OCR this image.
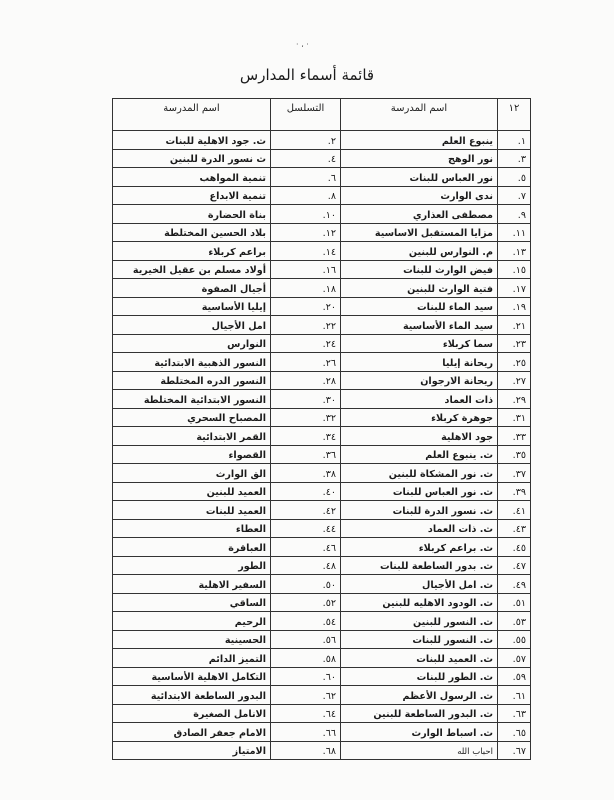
· ، ·
قائمة أسماء المدارس
١٢	اسم المدرسة	التسلسل	اسم المدرسة
١.	ينبوع العلم	٢.	ث. جود الاهلية للبنات
٣.	نور الوهج	٤.	ث نسور الدرة للبنين
٥.	نور العباس للبنات	٦.	تنمية المواهب
٧.	ندى الوارث	٨.	تنمية الابداع
٩.	مصطفى العذاري	١٠.	بناة الحضارة
١١.	مزايا المستقبل الاساسية	١٢.	بلاد الحسين المختلطة
١٣.	م. النوارس للبنين	١٤.	براعم كربلاء
١٥.	فيض الوارث للبنات	١٦.	أولاد مسلم بن عقيل الخيرية
١٧.	فتية الوارث للبنين	١٨.	أجيال الصفوة
١٩.	سيد الماء للبنات	٢٠.	إيليا الأساسية
٢١.	سيد الماء الأساسية	٢٢.	امل الأجيال
٢٣.	سما كربلاء	٢٤.	النوارس
٢٥.	ريحانة إيليا	٢٦.	النسور الذهبية الابتدائية
٢٧.	ريحانة الارجوان	٢٨.	النسور الدره المختلطة
٢٩.	ذات العماد	٣٠.	النسور الابتدائية المختلطة
٣١.	جوهرة كربلاء	٣٢.	المصباح السحري
٣٣.	جود الاهلية	٣٤.	القمر الابتدائية
٣٥.	ث. ينبوع العلم	٣٦.	القصواء
٣٧.	ث. نور المشكاة للبنين	٣٨.	الق الوارث
٣٩.	ث. نور العباس للبنات	٤٠.	العميد للبنين
٤١.	ث. نسور الدرة للبنات	٤٢.	العميد للبنات
٤٣.	ث. ذات العماد	٤٤.	العطاء
٤٥.	ث. براعم كربلاء	٤٦.	العباقرة
٤٧.	ث. بدور الساطعة للبنات	٤٨.	الطور
٤٩.	ث. امل الأجيال	٥٠.	السفير الاهلية
٥١.	ث. الودود الاهليه للبنين	٥٢.	الساقي
٥٣.	ث. النسور للبنين	٥٤.	الرحيم
٥٥.	ث. النسور للبنات	٥٦.	الحسينية
٥٧.	ث. العميد للبنات	٥٨.	التميز الدائم
٥٩.	ث. الطور للبنات	٦٠.	التكامل الاهلية الأساسية
٦١.	ث. الرسول الأعظم	٦٢.	البدور الساطعة الابتدائية
٦٣.	ث. البدور الساطعة للبنين	٦٤.	الانامل الصغيرة
٦٥.	ث. اسباط الوارث	٦٦.	الامام جعفر الصادق
٦٧.	احباب الله	٦٨.	الامتياز
